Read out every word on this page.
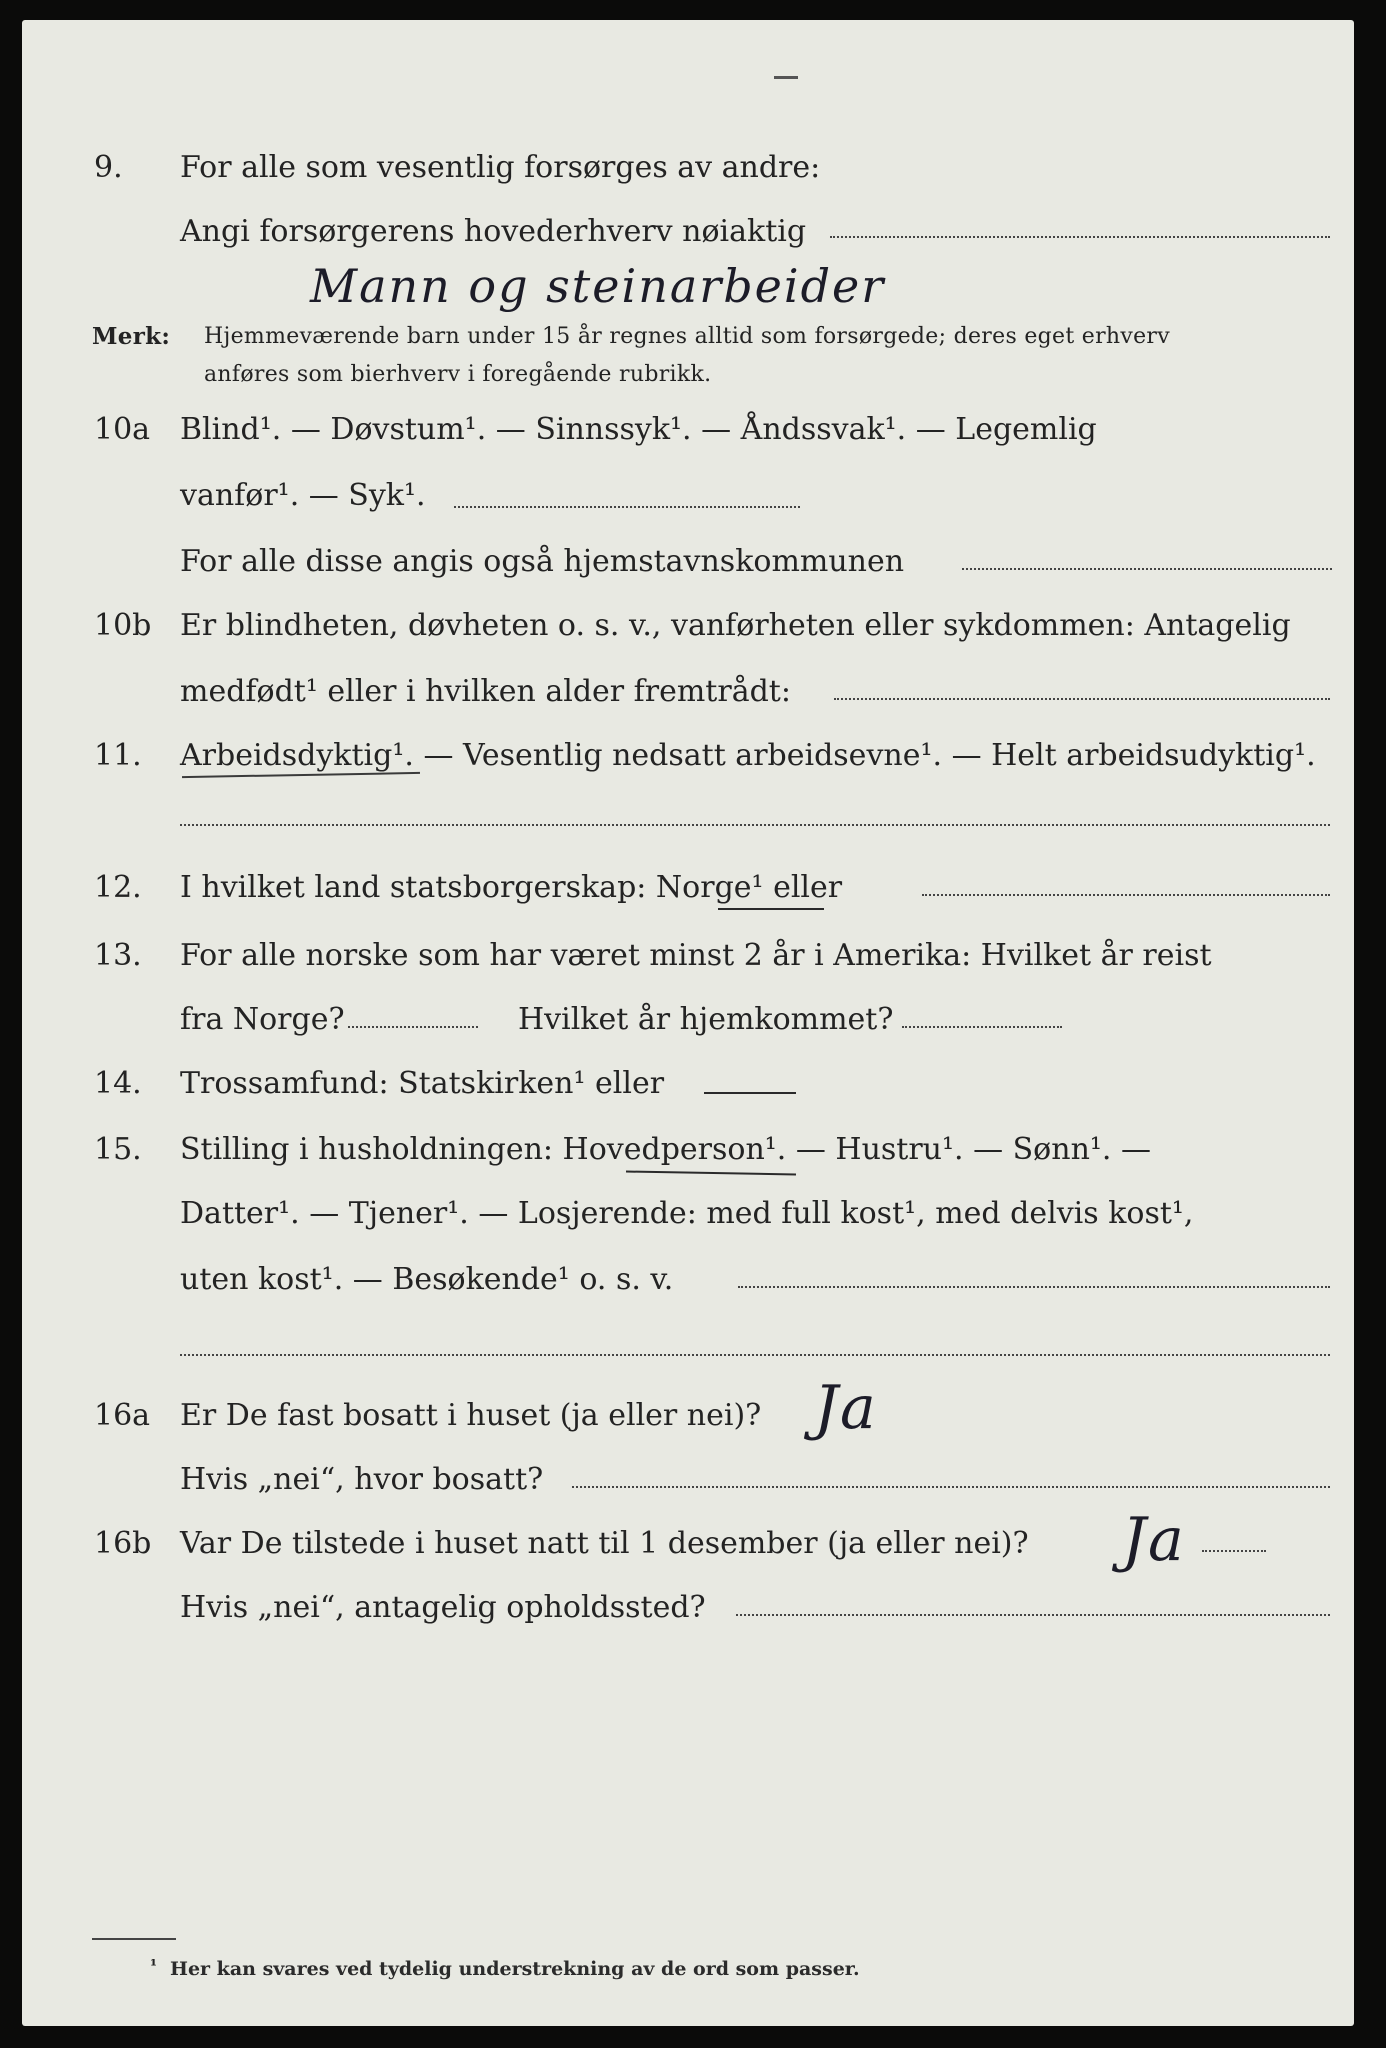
9.	For alle som vesentlig forsørges av andre:
Angi forsørgerens hovederhverv nøiaktig
Mann og steinarbeider
Merk: Hjemmeværende barn under 15 år regnes alltid som forsørgede; deres eget erhverv
anføres som bierhverv i foregående rubrikk.
10a Blind¹. — Døvstum¹. — Sinnssyk¹. — Åndssvak¹. — Legemlig
vanfør¹. — Syk¹.
For alle disse angis også hjemstavnskommunen
10b Er blindheten, døvheten o. s. v., vanførheten eller sykdommen: Antagelig
medfødt¹ eller i hvilken alder fremtrådt:
11.	Arbeidsdyktig¹. — Vesentlig nedsatt arbeidsevne¹. — Helt arbeidsudyktig¹.
12.	I hvilket land statsborgerskap: Norge¹ eller
13.	For alle norske som har været minst 2 år i Amerika: Hvilket år reist
fra Norge?	Hvilket år hjemkommet?
14.	Trossamfund: Statskirken¹ eller
15.	Stilling i husholdningen: Hovedperson¹. — Hustru¹. — Sønn¹. —
Datter¹. — Tjener¹. — Losjerende: med full kost¹, med delvis kost¹,
uten kost¹. — Besøkende¹ o. s. v.
16a Er De fast bosatt i huset (ja eller nei)? Ja
Hvis „nei“, hvor bosatt?
16b Var De tilstede i huset natt til 1 desember (ja eller nei)? Ja
Hvis „nei“, antagelig opholdssted?
¹ Her kan svares ved tydelig understrekning av de ord som passer.
